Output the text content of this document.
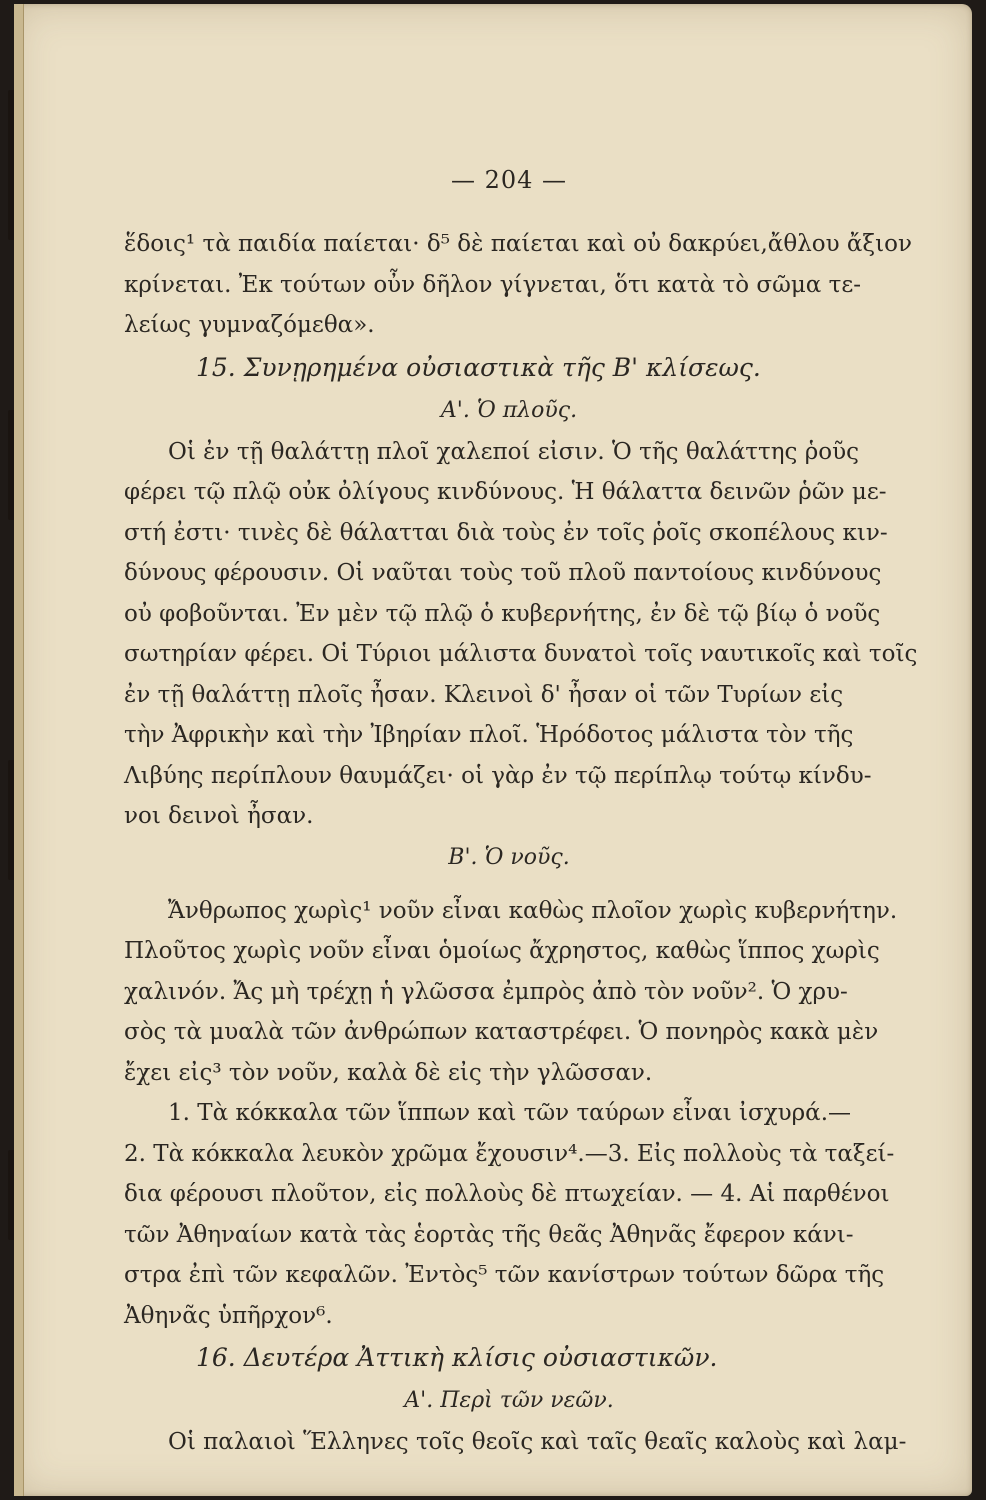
— 204 —

ἕδοις¹ τὰ παιδία παίεται· δ⁵ δὲ παίεται καὶ οὐ δακρύει,ἄθλου ἄξιον

κρίνεται. Ἐκ τούτων οὖν δῆλον γίγνεται, ὅτι κατὰ τὸ σῶμα τε-

λείως γυμναζόμεθα».

15. Συνῃρημένα οὐσιαστικὰ τῆς Β' κλίσεως.

Α'. Ὁ πλοῦς.

Οἱ ἐν τῇ θαλάττῃ πλοῖ χαλεποί εἰσιν. Ὁ τῆς θαλάττης ῥοῦς

φέρει τῷ πλῷ οὐκ ὀλίγους κινδύνους. Ἡ θάλαττα δεινῶν ῥῶν με-

στή ἐστι· τινὲς δὲ θάλατται διὰ τοὺς ἐν τοῖς ῥοῖς σκοπέλους κιν-

δύνους φέρουσιν. Οἱ ναῦται τοὺς τοῦ πλοῦ παντοίους κινδύνους

οὐ φοβοῦνται. Ἐν μὲν τῷ πλῷ ὁ κυβερνήτης, ἐν δὲ τῷ βίῳ ὁ νοῦς

σωτηρίαν φέρει. Οἱ Τύριοι μάλιστα δυνατοὶ τοῖς ναυτικοῖς καὶ τοῖς

ἐν τῇ θαλάττῃ πλοῖς ἦσαν. Κλεινοὶ δ' ἦσαν οἱ τῶν Τυρίων εἰς

τὴν Ἀφρικὴν καὶ τὴν Ἰβηρίαν πλοῖ. Ἡρόδοτος μάλιστα τὸν τῆς

Λιβύης περίπλουν θαυμάζει· οἱ γὰρ ἐν τῷ περίπλῳ τούτῳ κίνδυ-

νοι δεινοὶ ἦσαν.

Β'. Ὁ νοῦς.

Ἄνθρωπος χωρὶς¹ νοῦν εἶναι καθὼς πλοῖον χωρὶς κυβερνήτην.

Πλοῦτος χωρὶς νοῦν εἶναι ὁμοίως ἄχρηστος, καθὼς ἵππος χωρὶς

χαλινόν. Ἄς μὴ τρέχῃ ἡ γλῶσσα ἐμπρὸς ἀπὸ τὸν νοῦν². Ὁ χρυ-

σὸς τὰ μυαλὰ τῶν ἀνθρώπων καταστρέφει. Ὁ πονηρὸς κακὰ μὲν

ἔχει εἰς³ τὸν νοῦν, καλὰ δὲ εἰς τὴν γλῶσσαν.

1. Τὰ κόκκαλα τῶν ἵππων καὶ τῶν ταύρων εἶναι ἰσχυρά.—

2. Τὰ κόκκαλα λευκὸν χρῶμα ἔχουσιν⁴.—3. Εἰς πολλοὺς τὰ ταξεί-

δια φέρουσι πλοῦτον, εἰς πολλοὺς δὲ πτωχείαν. — 4. Αἱ παρθένοι

τῶν Ἀθηναίων κατὰ τὰς ἑορτὰς τῆς θεᾶς Ἀθηνᾶς ἔφερον κάνι-

στρα ἐπὶ τῶν κεφαλῶν. Ἐντὸς⁵ τῶν κανίστρων τούτων δῶρα τῆς

Ἀθηνᾶς ὑπῆρχον⁶.

16. Δευτέρα Ἀττικὴ κλίσις οὐσιαστικῶν.

Α'. Περὶ τῶν νεῶν.

Οἱ παλαιοὶ Ἕλληνες τοῖς θεοῖς καὶ ταῖς θεαῖς καλοὺς καὶ λαμ-
